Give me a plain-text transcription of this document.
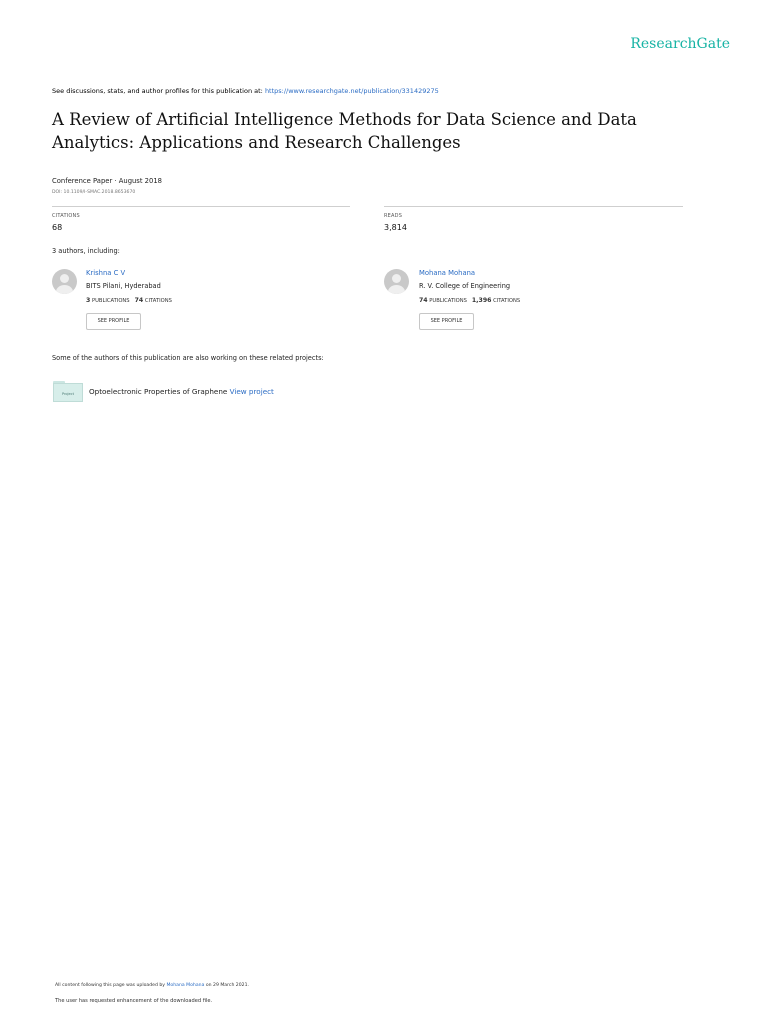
ResearchGate
See discussions, stats, and author profiles for this publication at: https://www.researchgate.net/publication/331429275
A Review of Artificial Intelligence Methods for Data Science and Data
Analytics: Applications and Research Challenges
Conference Paper · August 2018
DOI: 10.1109/I-SMAC.2018.8653670
CITATIONS
68
READS
3,814
3 authors, including:
Krishna C V
BITS Pilani, Hyderabad
3 PUBLICATIONS 74 CITATIONS
SEE PROFILE
Mohana Mohana
R. V. College of Engineering
74 PUBLICATIONS 1,396 CITATIONS
SEE PROFILE
Some of the authors of this publication are also working on these related projects:
Project	Optoelectronic Properties of Graphene View project
All content following this page was uploaded by Mohana Mohana on 29 March 2021.
The user has requested enhancement of the downloaded file.
